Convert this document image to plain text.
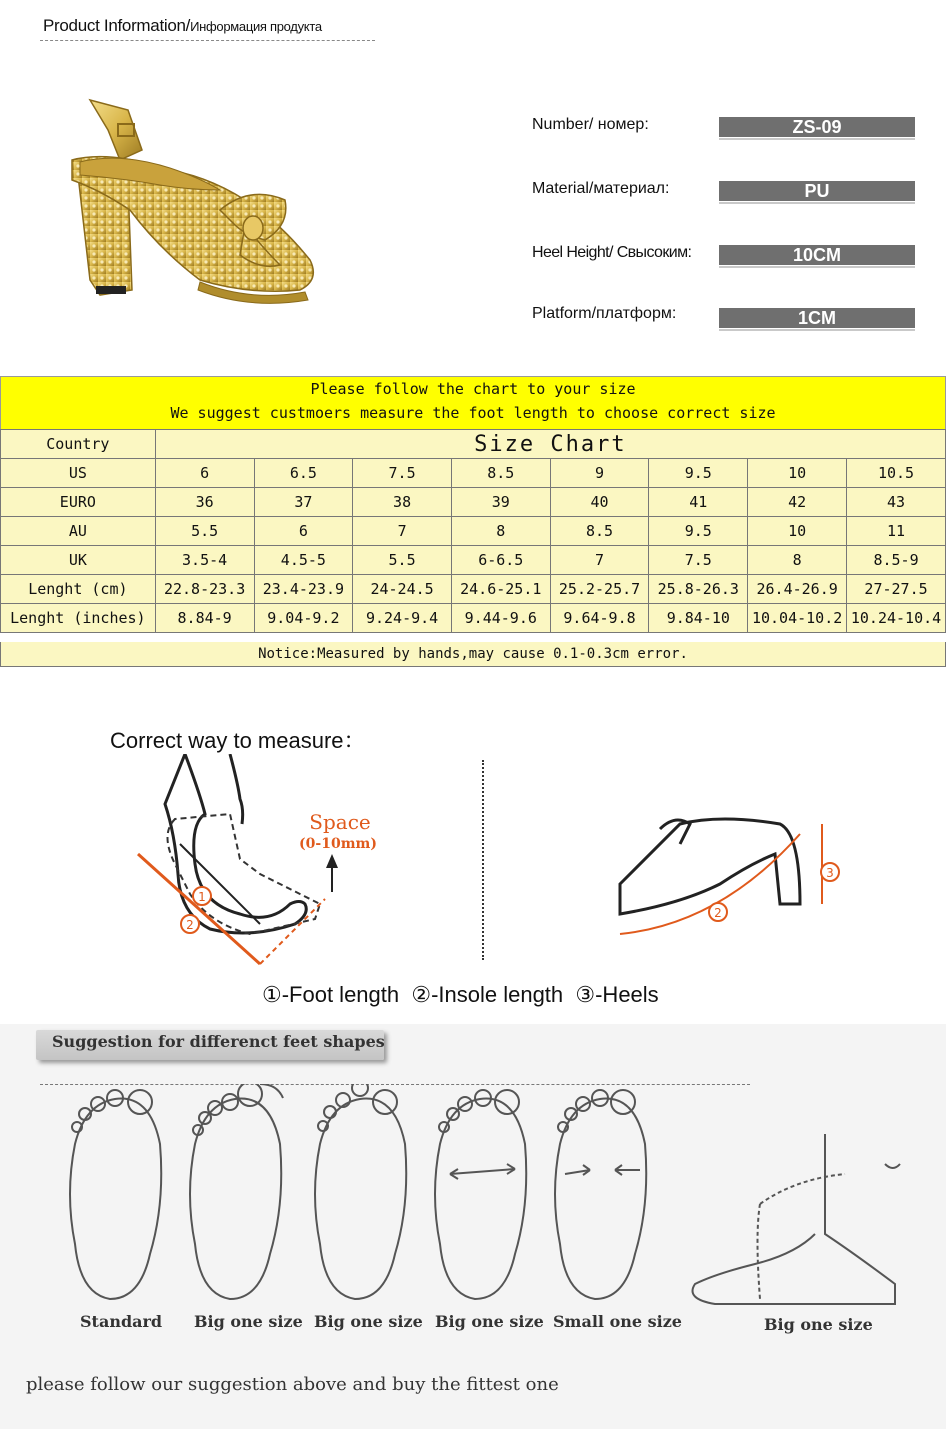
Product Information/Информация продукта
Number/ номер:	ZS-09
Material/материал:	PU
Heel Height/ Свысоким:	10CM
Platform/платформ:	1CM
Please follow the chart to your size
We suggest custmoers measure the foot length to choose correct size
Country	Size Chart							
US	6	6.5	7.5	8.5	9	9.5	10	10.5
EURO	36	37	38	39	40	41	42	43
AU	5.5	6	7	8	8.5	9.5	10	11
UK	3.5-4	4.5-5	5.5	6-6.5	7	7.5	8	8.5-9
Lenght (cm)	22.8-23.3	23.4-23.9	24-24.5	24.6-25.1	25.2-25.7	25.8-26.3	26.4-26.9	27-27.5
Lenght (inches)	8.84-9	9.04-9.2	9.24-9.4	9.44-9.6	9.64-9.8	9.84-10	10.04-10.2	10.24-10.4
Notice:Measured by hands,may cause 0.1-0.3cm error.
Correct way to measure：
1
2
Space
(0-10mm)
2
3
①-Foot length  ②-Insole length  ③-Heels
Suggestion for differenct feet shapes
Standard Big one size Big one size Big one size Small one size	Big one size
please follow our suggestion above and buy the fittest one
